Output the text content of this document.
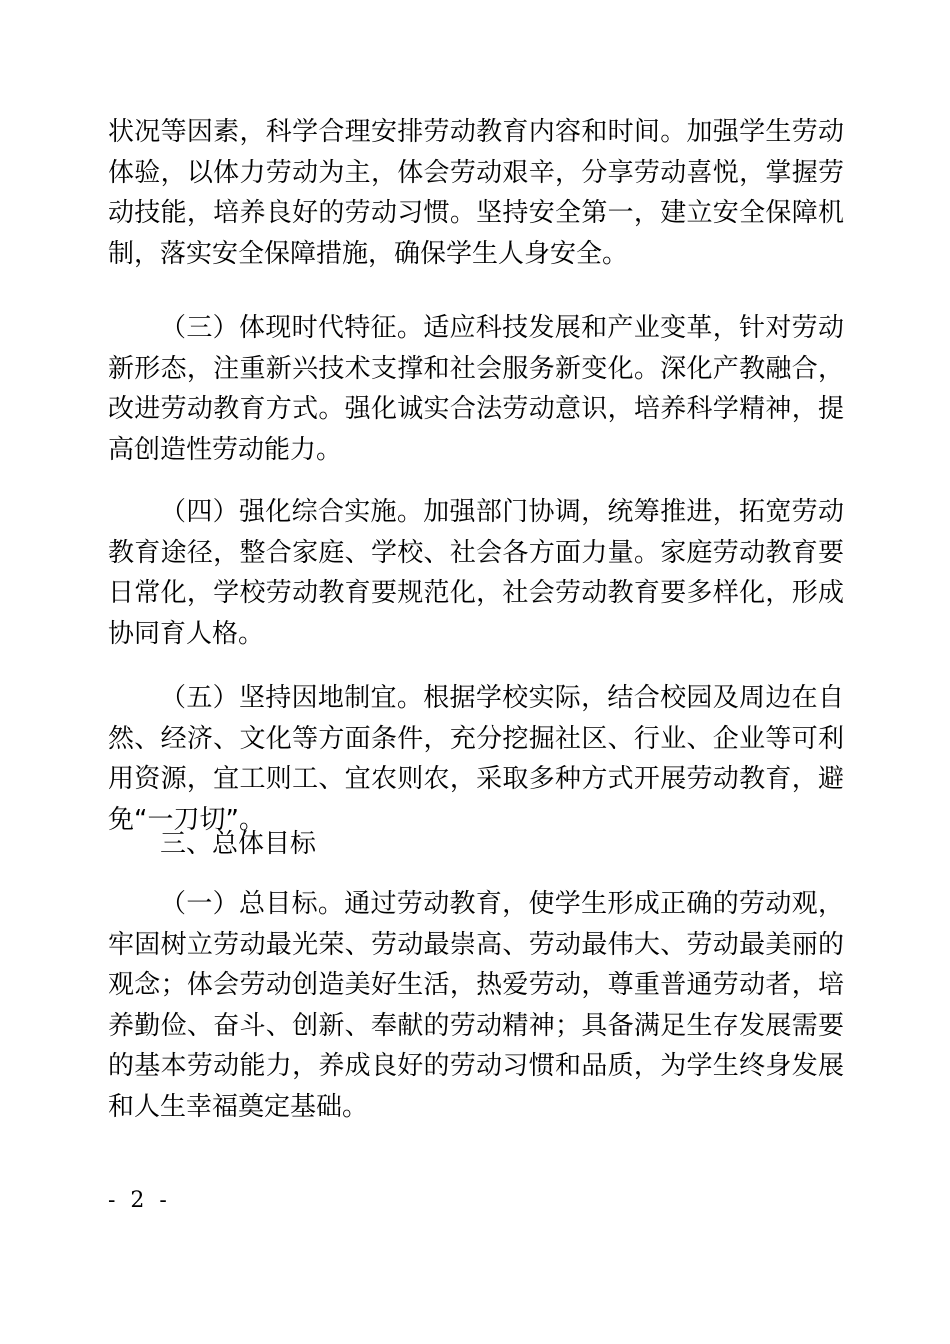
状况等因素，科学合理安排劳动教育内容和时间。加强学生劳动体验，以体力劳动为主，体会劳动艰辛，分享劳动喜悦，掌握劳动技能，培养良好的劳动习惯。坚持安全第一，建立安全保障机制，落实安全保障措施，确保学生人身安全。

（三）体现时代特征。适应科技发展和产业变革，针对劳动新形态，注重新兴技术支撑和社会服务新变化。深化产教融合，改进劳动教育方式。强化诚实合法劳动意识，培养科学精神，提高创造性劳动能力。

（四）强化综合实施。加强部门协调，统筹推进，拓宽劳动教育途径，整合家庭、学校、社会各方面力量。家庭劳动教育要日常化，学校劳动教育要规范化，社会劳动教育要多样化，形成协同育人格。

（五）坚持因地制宜。根据学校实际，结合校园及周边在自然、经济、文化等方面条件，充分挖掘社区、行业、企业等可利用资源，宜工则工、宜农则农，采取多种方式开展劳动教育，避免“一刀切”。

三、总体目标

（一）总目标。通过劳动教育，使学生形成正确的劳动观，牢固树立劳动最光荣、劳动最崇高、劳动最伟大、劳动最美丽的观念；体会劳动创造美好生活，热爱劳动，尊重普通劳动者，培养勤俭、奋斗、创新、奉献的劳动精神；具备满足生存发展需要的基本劳动能力，养成良好的劳动习惯和品质，为学生终身发展和人生幸福奠定基础。

- 2 -
